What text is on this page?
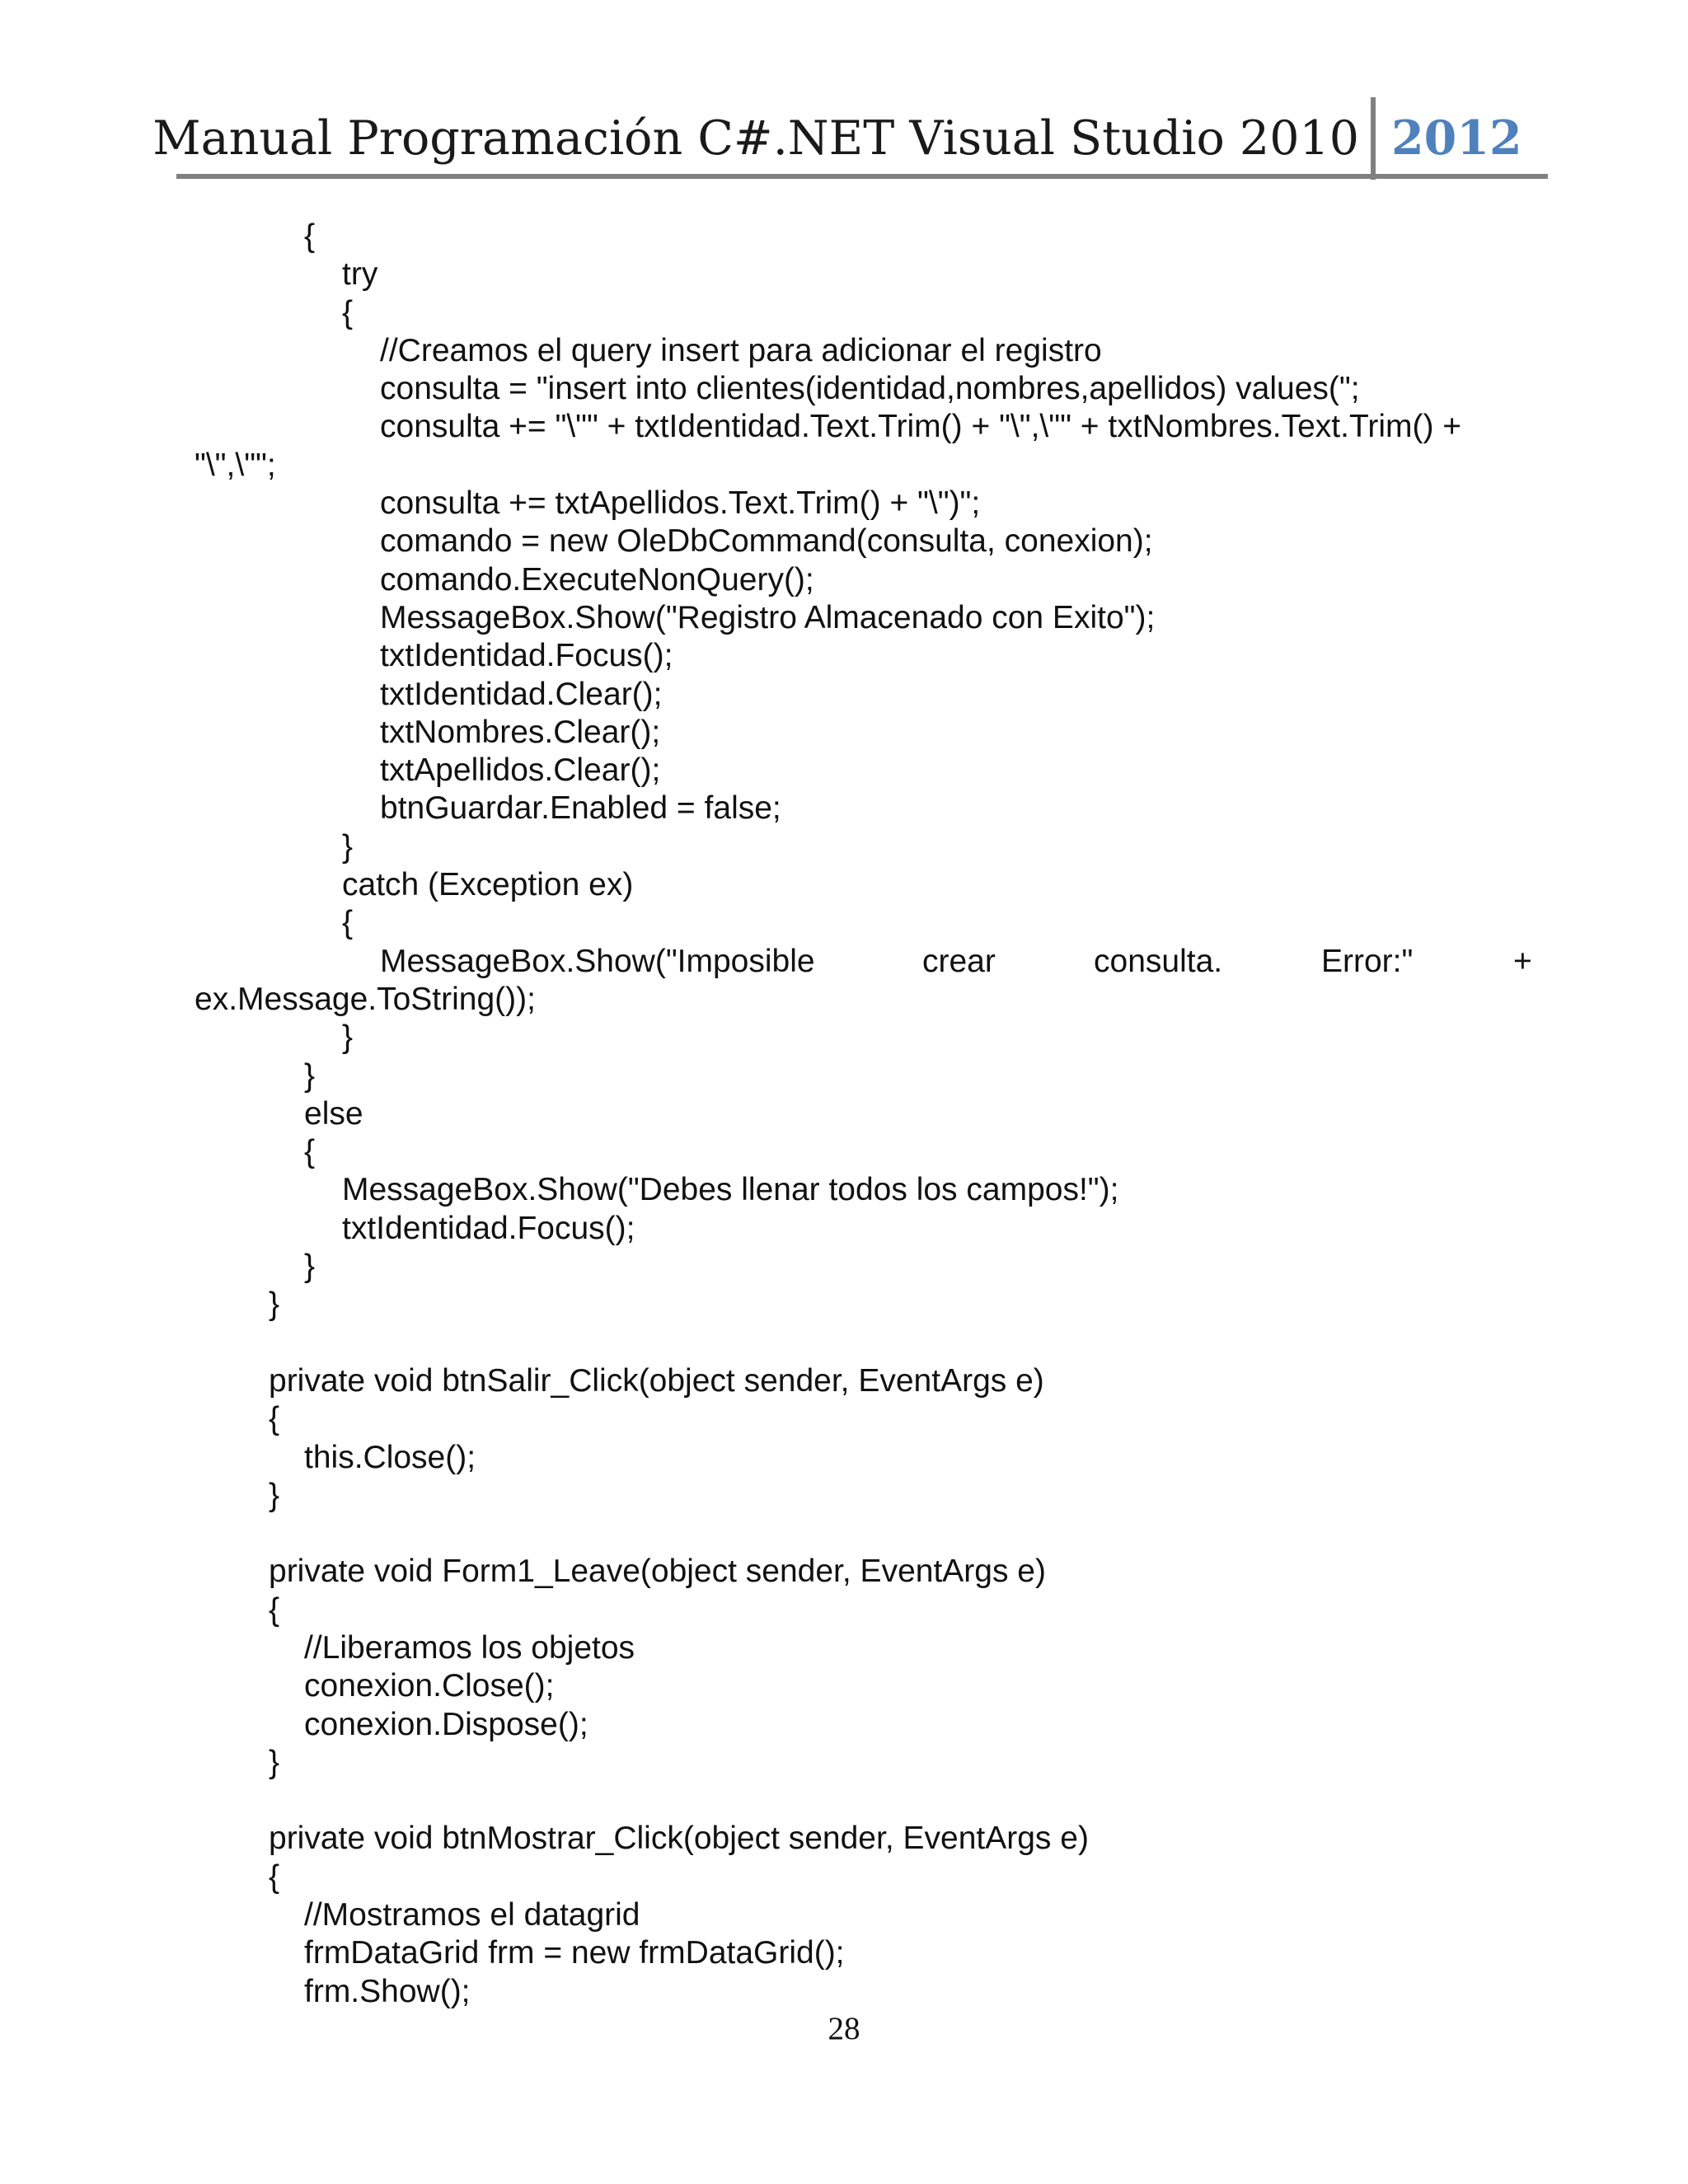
Manual Programación C#.NET Visual Studio 2010 2012
{
try
{
//Creamos el query insert para adicionar el registro
consulta = "insert into clientes(identidad,nombres,apellidos) values(";
consulta += "\"" + txtIdentidad.Text.Trim() + "\",\"" + txtNombres.Text.Trim() +
"\",\"";
consulta += txtApellidos.Text.Trim() + "\")";
comando = new OleDbCommand(consulta, conexion);
comando.ExecuteNonQuery();
MessageBox.Show("Registro Almacenado con Exito");
txtIdentidad.Focus();
txtIdentidad.Clear();
txtNombres.Clear();
txtApellidos.Clear();
btnGuardar.Enabled = false;
}
catch (Exception ex)
{

MessageBox.Show("Imposible

	crear

	consulta.

	Error:"

	+

ex.Message.ToString());
}
}
else
{
MessageBox.Show("Debes llenar todos los campos!");
txtIdentidad.Focus();
}
}
private void btnSalir_Click(object sender, EventArgs e)
{
this.Close();
}
private void Form1_Leave(object sender, EventArgs e)
{
//Liberamos los objetos
conexion.Close();
conexion.Dispose();
}
private void btnMostrar_Click(object sender, EventArgs e)
{
//Mostramos el datagrid
frmDataGrid frm = new frmDataGrid();
frm.Show();
28
